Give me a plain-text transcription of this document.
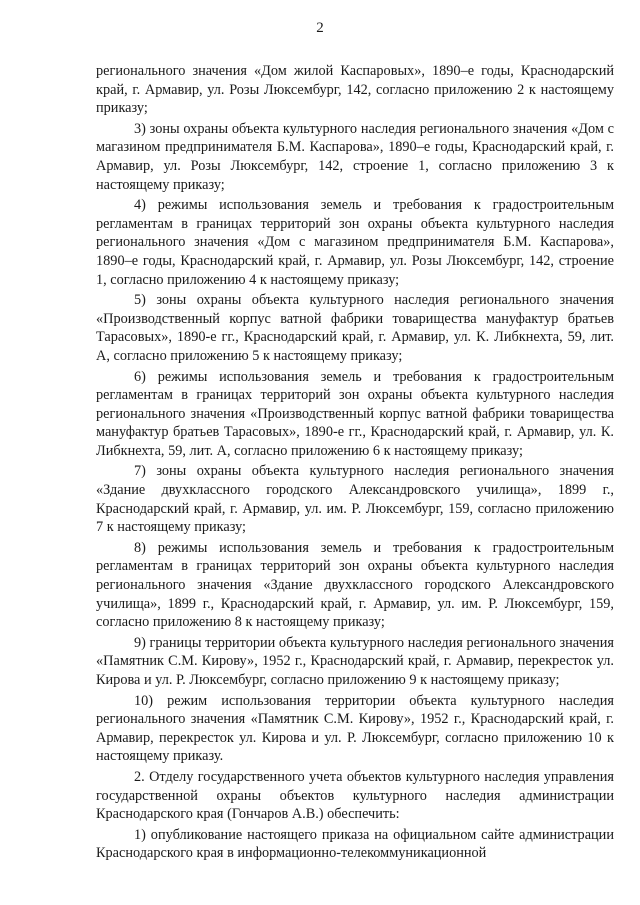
2

регионального значения «Дом жилой Каспаровых», 1890–е годы, Краснодарский край, г. Армавир, ул. Розы Люксембург, 142, согласно приложению 2 к настоящему приказу;

3) зоны охраны объекта культурного наследия регионального значения «Дом с магазином предпринимателя Б.М. Каспарова», 1890–е годы, Краснодарский край, г. Армавир, ул. Розы Люксембург, 142, строение 1, согласно приложению 3 к настоящему приказу;

4) режимы использования земель и требования к градостроительным регламентам в границах территорий зон охраны объекта культурного наследия регионального значения «Дом с магазином предпринимателя Б.М. Каспарова», 1890–е годы, Краснодарский край, г. Армавир, ул. Розы Люксембург, 142, строение 1, согласно приложению 4 к настоящему приказу;

5) зоны охраны объекта культурного наследия регионального значения «Производственный корпус ватной фабрики товарищества мануфактур братьев Тарасовых», 1890-е гг., Краснодарский край, г. Армавир, ул. К. Либкнехта, 59, лит. А, согласно приложению 5 к настоящему приказу;

6) режимы использования земель и требования к градостроительным регламентам в границах территорий зон охраны объекта культурного наследия регионального значения «Производственный корпус ватной фабрики товарищества мануфактур братьев Тарасовых», 1890-е гг., Краснодарский край, г. Армавир, ул. К. Либкнехта, 59, лит. А, согласно приложению 6 к настоящему приказу;

7) зоны охраны объекта культурного наследия регионального значения «Здание двухклассного городского Александровского училища», 1899 г., Краснодарский край, г. Армавир, ул. им. Р. Люксембург, 159, согласно приложению 7 к настоящему приказу;

8) режимы использования земель и требования к градостроительным регламентам в границах территорий зон охраны объекта культурного наследия регионального значения «Здание двухклассного городского Александровского училища», 1899 г., Краснодарский край, г. Армавир, ул. им. Р. Люксембург, 159, согласно приложению 8 к настоящему приказу;

9) границы территории объекта культурного наследия регионального значения «Памятник С.М. Кирову», 1952 г., Краснодарский край, г. Армавир, перекресток ул. Кирова и ул. Р. Люксембург, согласно приложению 9 к настоящему приказу;

10) режим использования территории объекта культурного наследия регионального значения «Памятник С.М. Кирову», 1952 г., Краснодарский край, г. Армавир, перекресток ул. Кирова и ул. Р. Люксембург, согласно приложению 10 к настоящему приказу.

2. Отделу государственного учета объектов культурного наследия управления государственной охраны объектов культурного наследия администрации Краснодарского края (Гончаров А.В.) обеспечить:

1) опубликование настоящего приказа на официальном сайте администрации Краснодарского края в информационно-телекоммуникационной
